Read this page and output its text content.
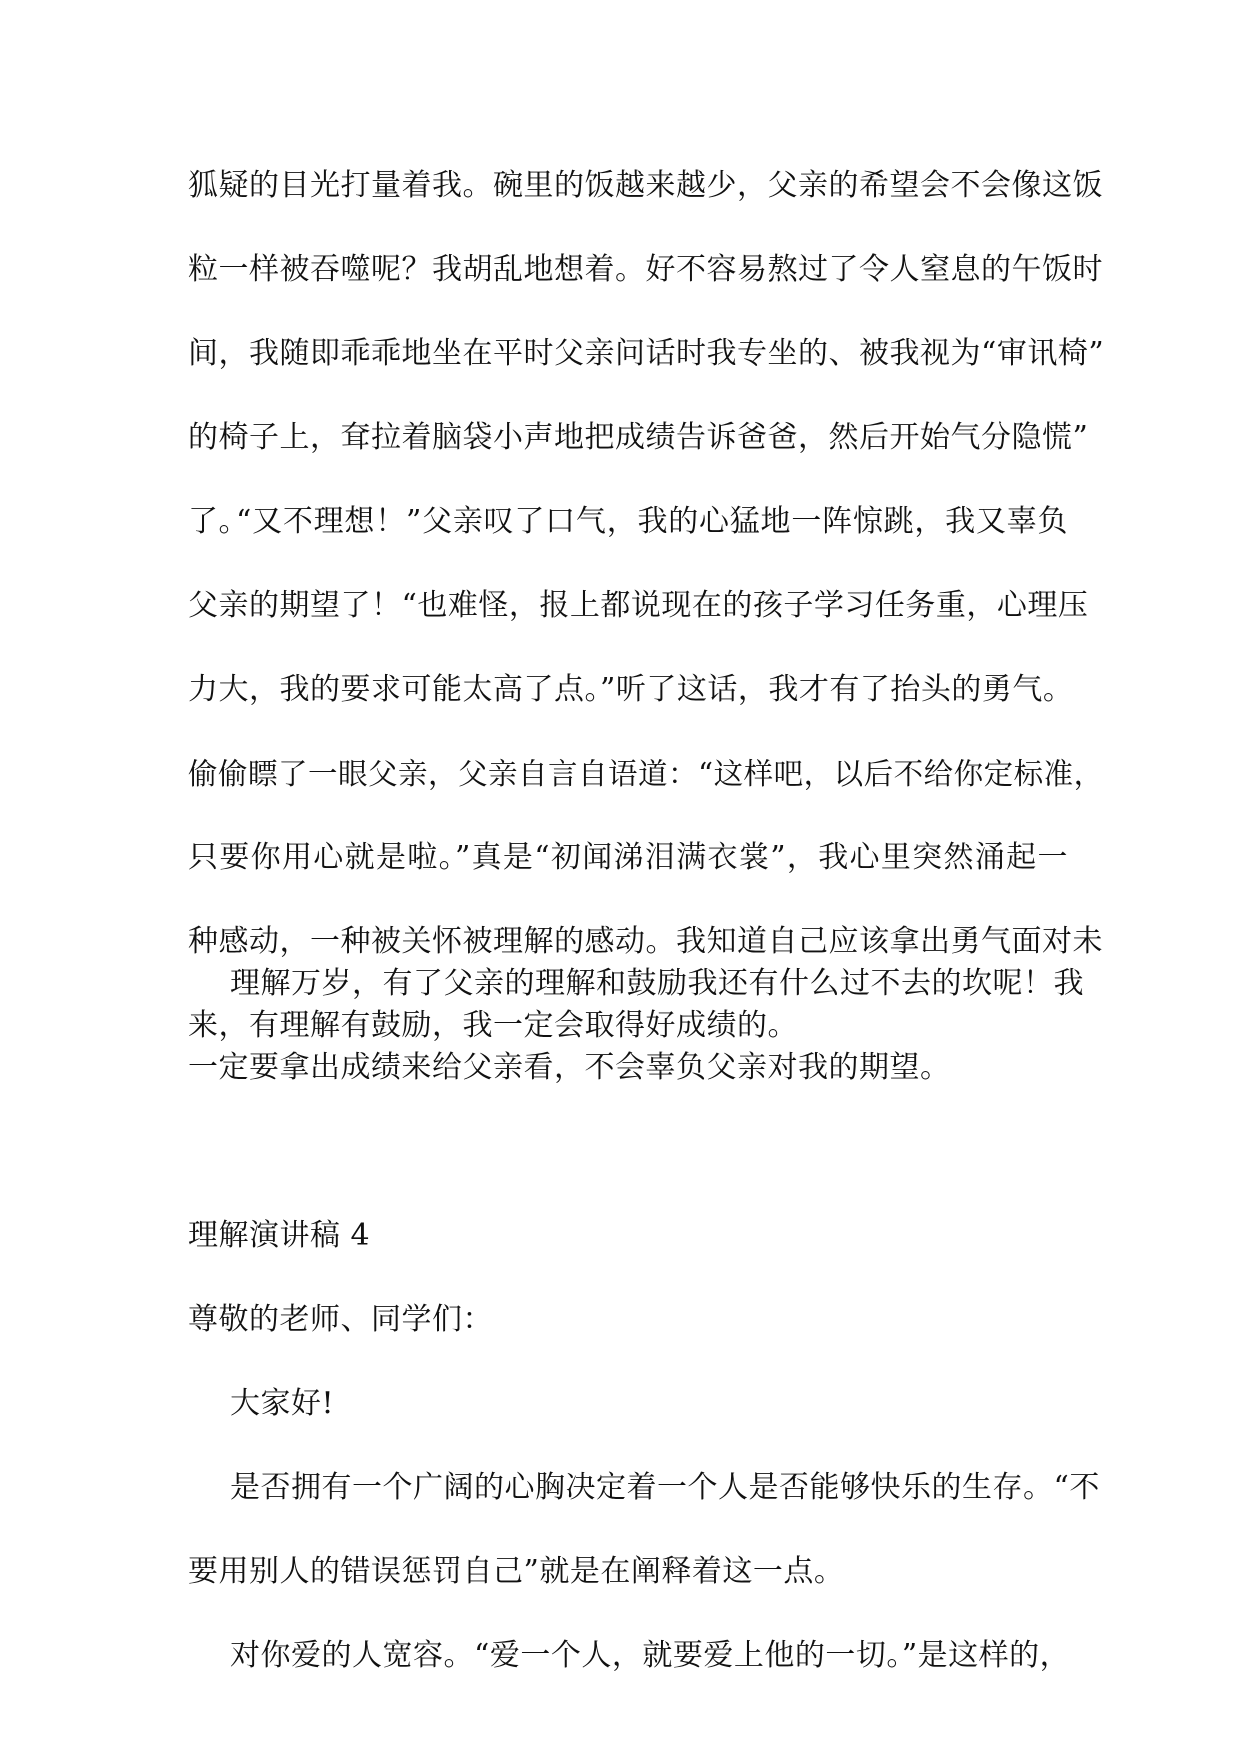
狐疑的目光打量着我。碗里的饭越来越少，父亲的希望会不会像这饭
粒一样被吞噬呢？我胡乱地想着。好不容易熬过了令人窒息的午饭时
间，我随即乖乖地坐在平时父亲问话时我专坐的、被我视为“审讯椅”
的椅子上，耷拉着脑袋小声地把成绩告诉爸爸，然后开始气分隐慌”
了。
“又不理想！”父亲叹了口气，我的心猛地一阵惊跳，我又辜负
父亲的期望了！“也难怪，报上都说现在的孩子学习任务重，心理压
力大，我的要求可能太高了点。”听了这话，我才有了抬头的勇气。
偷偷瞟了一眼父亲，父亲自言自语道：“这样吧，以后不给你定标准，
只要你用心就是啦。”真是“初闻涕泪满衣裳”，我心里突然涌起一
种感动，一种被关怀被理解的感动。我知道自己应该拿出勇气面对未
来，有理解有鼓励，我一定会取得好成绩的。
理解万岁，有了父亲的理解和鼓励我还有什么过不去的坎呢！我
一定要拿出成绩来给父亲看，不会辜负父亲对我的期望。
理解演讲稿 4
尊敬的老师、同学们：
大家好!
是否拥有一个广阔的心胸决定着一个人是否能够快乐的生存。“不
要用别人的错误惩罚自己”就是在阐释着这一点。
对你爱的人宽容。“爱一个人，就要爱上他的一切。”是这样的，
